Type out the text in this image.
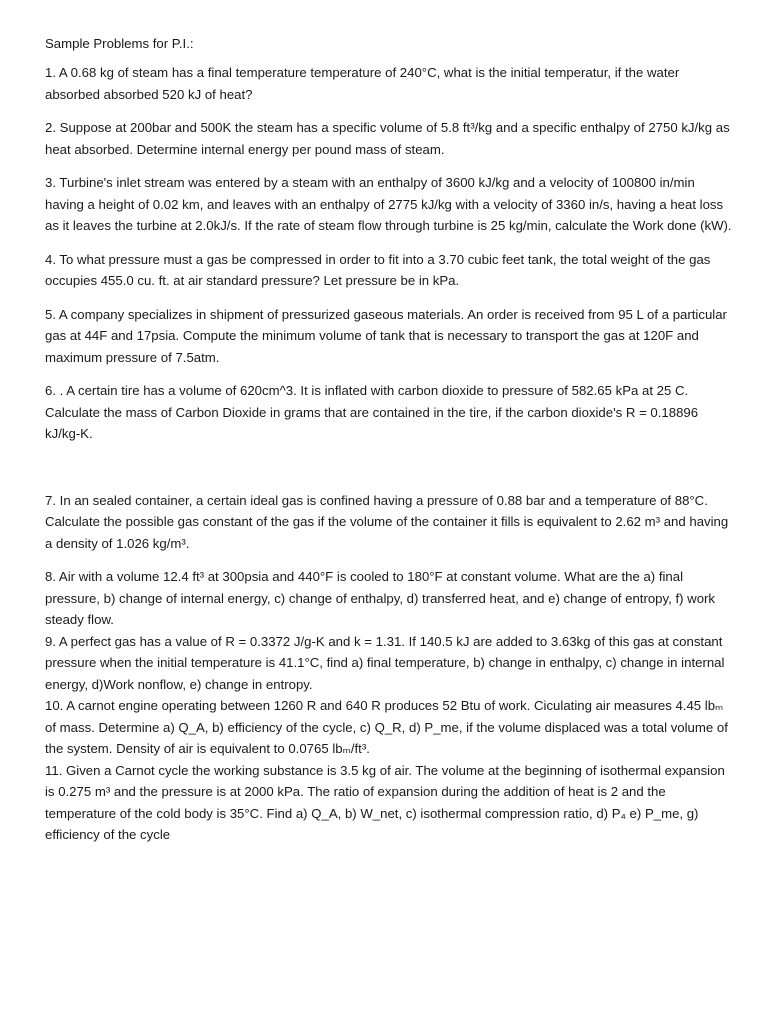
Sample Problems for P.I.:

1. A 0.68 kg of steam has a final temperature temperature of 240°C, what is the initial temperatur, if the water absorbed absorbed 520 kJ of heat?

2. Suppose at 200bar and 500K the steam has a specific volume of 5.8 ft³/kg and a specific enthalpy of 2750 kJ/kg as heat absorbed. Determine internal energy per pound mass of steam.

3. Turbine's inlet stream was entered by a steam with an enthalpy of 3600 kJ/kg and a velocity of 100800 in/min having a height of 0.02 km, and leaves with an enthalpy of 2775 kJ/kg with a velocity of 3360 in/s, having a heat loss as it leaves the turbine at 2.0kJ/s. If the rate of steam flow through turbine is 25 kg/min, calculate the Work done (kW).

4. To what pressure must a gas be compressed in order to fit into a 3.70 cubic feet tank, the total weight of the gas occupies 455.0 cu. ft. at air standard pressure? Let pressure be in kPa.

5. A company specializes in shipment of pressurized gaseous materials. An order is received from 95 L of a particular gas at 44F and 17psia. Compute the minimum volume of tank that is necessary to transport the gas at 120F and maximum pressure of 7.5atm.

6. . A certain tire has a volume of 620cm^3. It is inflated with carbon dioxide to pressure of 582.65 kPa at 25 C. Calculate the mass of Carbon Dioxide in grams that are contained in the tire, if the carbon dioxide's R = 0.18896 kJ/kg-K.

7. In an sealed container, a certain ideal gas is confined having a pressure of 0.88 bar and a temperature of 88°C. Calculate the possible gas constant of the gas if the volume of the container it fills is equivalent to 2.62 m³ and having a density of 1.026 kg/m³.

8. Air with a volume 12.4 ft³ at 300psia and 440°F is cooled to 180°F at constant volume. What are the a) final pressure, b) change of internal energy, c) change of enthalpy, d) transferred heat, and e) change of entropy, f) work steady flow.

9. A perfect gas has a value of R = 0.3372 J/g-K and k = 1.31. If 140.5 kJ are added to 3.63kg of this gas at constant pressure when the initial temperature is 41.1°C, find a) final temperature, b) change in enthalpy, c) change in internal energy, d)Work nonflow, e) change in entropy.

10. A carnot engine operating between 1260 R and 640 R produces 52 Btu of work. Ciculating air measures 4.45 lbₘ of mass. Determine a) Q_A, b) efficiency of the cycle, c) Q_R, d) P_me, if the volume displaced was a total volume of the system. Density of air is equivalent to 0.0765 lbₘ/ft³.

11. Given a Carnot cycle the working substance is 3.5 kg of air. The volume at the beginning of isothermal expansion is 0.275 m³ and the pressure is at 2000 kPa. The ratio of expansion during the addition of heat is 2 and the temperature of the cold body is 35°C. Find a) Q_A, b) W_net, c) isothermal compression ratio, d) P₄ e) P_me, g) efficiency of the cycle
